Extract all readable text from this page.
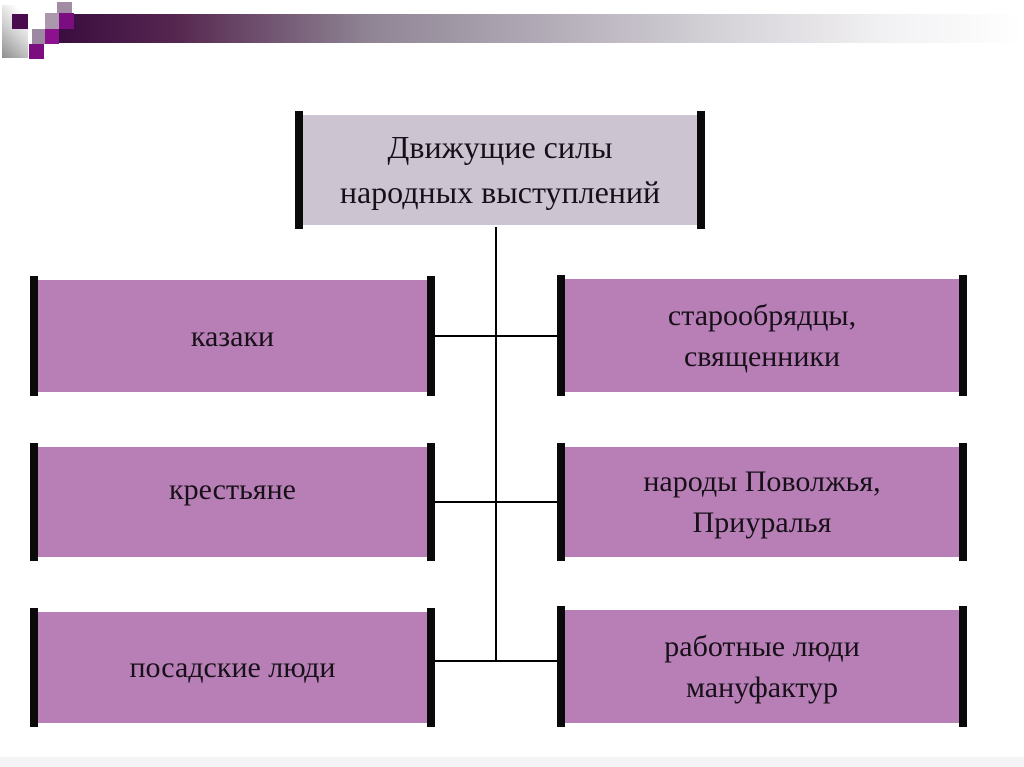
Движущие силы
народных выступлений
казаки
крестьяне
посадские люди
старообрядцы,
священники
народы Поволжья,
Приуралья
работные люди
мануфактур
